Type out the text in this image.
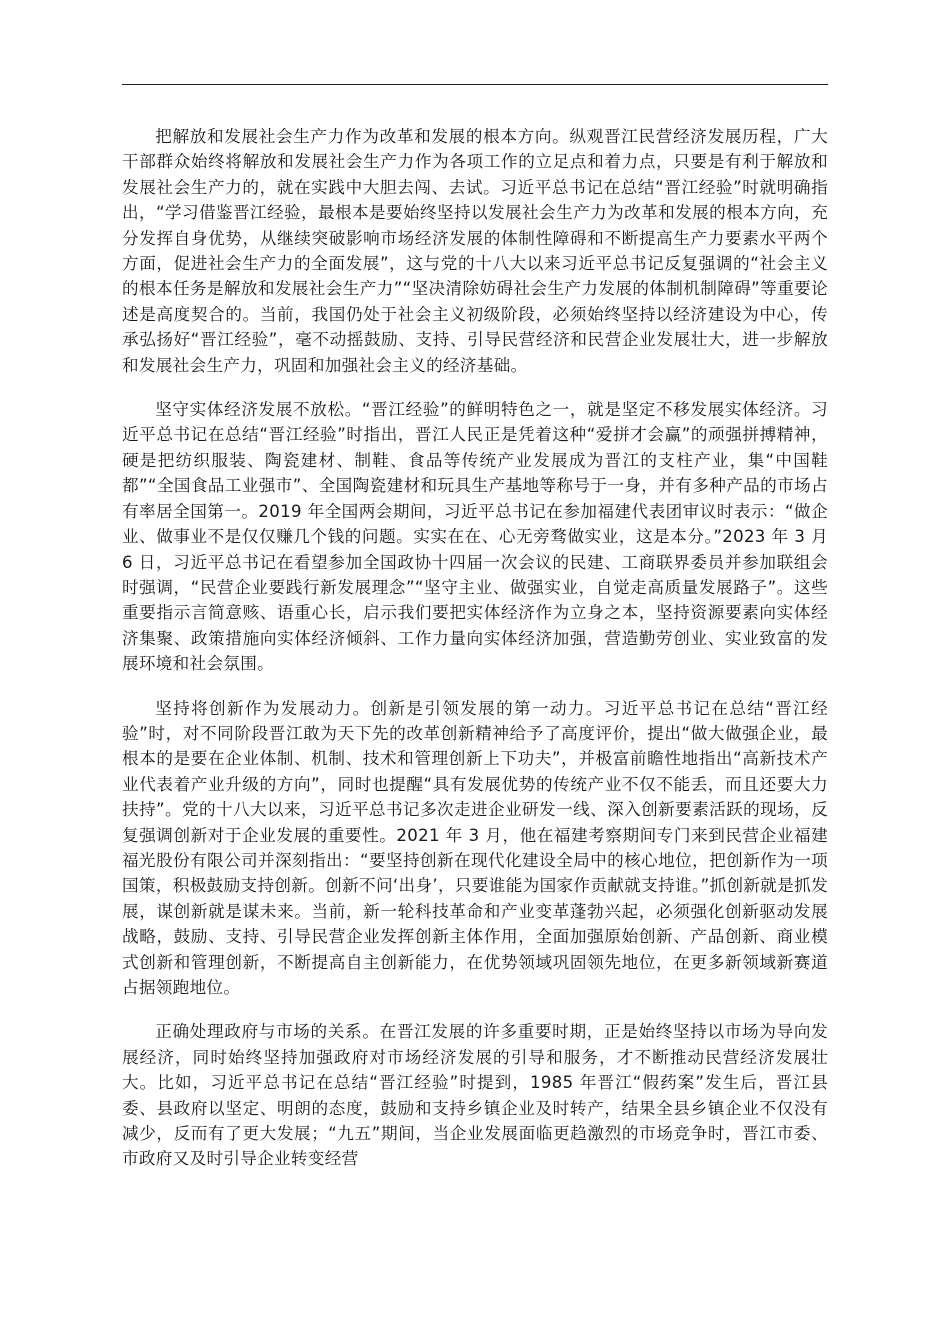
把解放和发展社会生产力作为改革和发展的根本方向。纵观晋江民营经济发展历程，广大干部群众始终将解放和发展社会生产力作为各项工作的立足点和着力点，只要是有利于解放和发展社会生产力的，就在实践中大胆去闯、去试。习近平总书记在总结“晋江经验”时就明确指出，“学习借鉴晋江经验，最根本是要始终坚持以发展社会生产力为改革和发展的根本方向，充分发挥自身优势，从继续突破影响市场经济发展的体制性障碍和不断提高生产力要素水平两个方面，促进社会生产力的全面发展”，这与党的十八大以来习近平总书记反复强调的“社会主义的根本任务是解放和发展社会生产力”“坚决清除妨碍社会生产力发展的体制机制障碍”等重要论述是高度契合的。当前，我国仍处于社会主义初级阶段，必须始终坚持以经济建设为中心，传承弘扬好“晋江经验”，毫不动摇鼓励、支持、引导民营经济和民营企业发展壮大，进一步解放和发展社会生产力，巩固和加强社会主义的经济基础。

坚守实体经济发展不放松。“晋江经验”的鲜明特色之一，就是坚定不移发展实体经济。习近平总书记在总结“晋江经验”时指出，晋江人民正是凭着这种“爱拼才会赢”的顽强拼搏精神，硬是把纺织服装、陶瓷建材、制鞋、食品等传统产业发展成为晋江的支柱产业，集“中国鞋都”“全国食品工业强市”、全国陶瓷建材和玩具生产基地等称号于一身，并有多种产品的市场占有率居全国第一。2019 年全国两会期间，习近平总书记在参加福建代表团审议时表示：“做企业、做事业不是仅仅赚几个钱的问题。实实在在、心无旁骛做实业，这是本分。”2023 年 3 月 6 日，习近平总书记在看望参加全国政协十四届一次会议的民建、工商联界委员并参加联组会时强调，“民营企业要践行新发展理念”“坚守主业、做强实业，自觉走高质量发展路子”。这些重要指示言简意赅、语重心长，启示我们要把实体经济作为立身之本，坚持资源要素向实体经济集聚、政策措施向实体经济倾斜、工作力量向实体经济加强，营造勤劳创业、实业致富的发展环境和社会氛围。

坚持将创新作为发展动力。创新是引领发展的第一动力。习近平总书记在总结“晋江经验”时，对不同阶段晋江敢为天下先的改革创新精神给予了高度评价，提出“做大做强企业，最根本的是要在企业体制、机制、技术和管理创新上下功夫”，并极富前瞻性地指出“高新技术产业代表着产业升级的方向”，同时也提醒“具有发展优势的传统产业不仅不能丢，而且还要大力扶持”。党的十八大以来，习近平总书记多次走进企业研发一线、深入创新要素活跃的现场，反复强调创新对于企业发展的重要性。2021 年 3 月，他在福建考察期间专门来到民营企业福建福光股份有限公司并深刻指出：“要坚持创新在现代化建设全局中的核心地位，把创新作为一项国策，积极鼓励支持创新。创新不问‘出身’，只要谁能为国家作贡献就支持谁。”抓创新就是抓发展，谋创新就是谋未来。当前，新一轮科技革命和产业变革蓬勃兴起，必须强化创新驱动发展战略，鼓励、支持、引导民营企业发挥创新主体作用，全面加强原始创新、产品创新、商业模式创新和管理创新，不断提高自主创新能力，在优势领域巩固领先地位，在更多新领域新赛道占据领跑地位。

正确处理政府与市场的关系。在晋江发展的许多重要时期，正是始终坚持以市场为导向发展经济，同时始终坚持加强政府对市场经济发展的引导和服务，才不断推动民营经济发展壮大。比如，习近平总书记在总结“晋江经验”时提到，1985 年晋江“假药案”发生后，晋江县委、县政府以坚定、明朗的态度，鼓励和支持乡镇企业及时转产，结果全县乡镇企业不仅没有减少，反而有了更大发展；“九五”期间，当企业发展面临更趋激烈的市场竞争时，晋江市委、市政府又及时引导企业转变经营
